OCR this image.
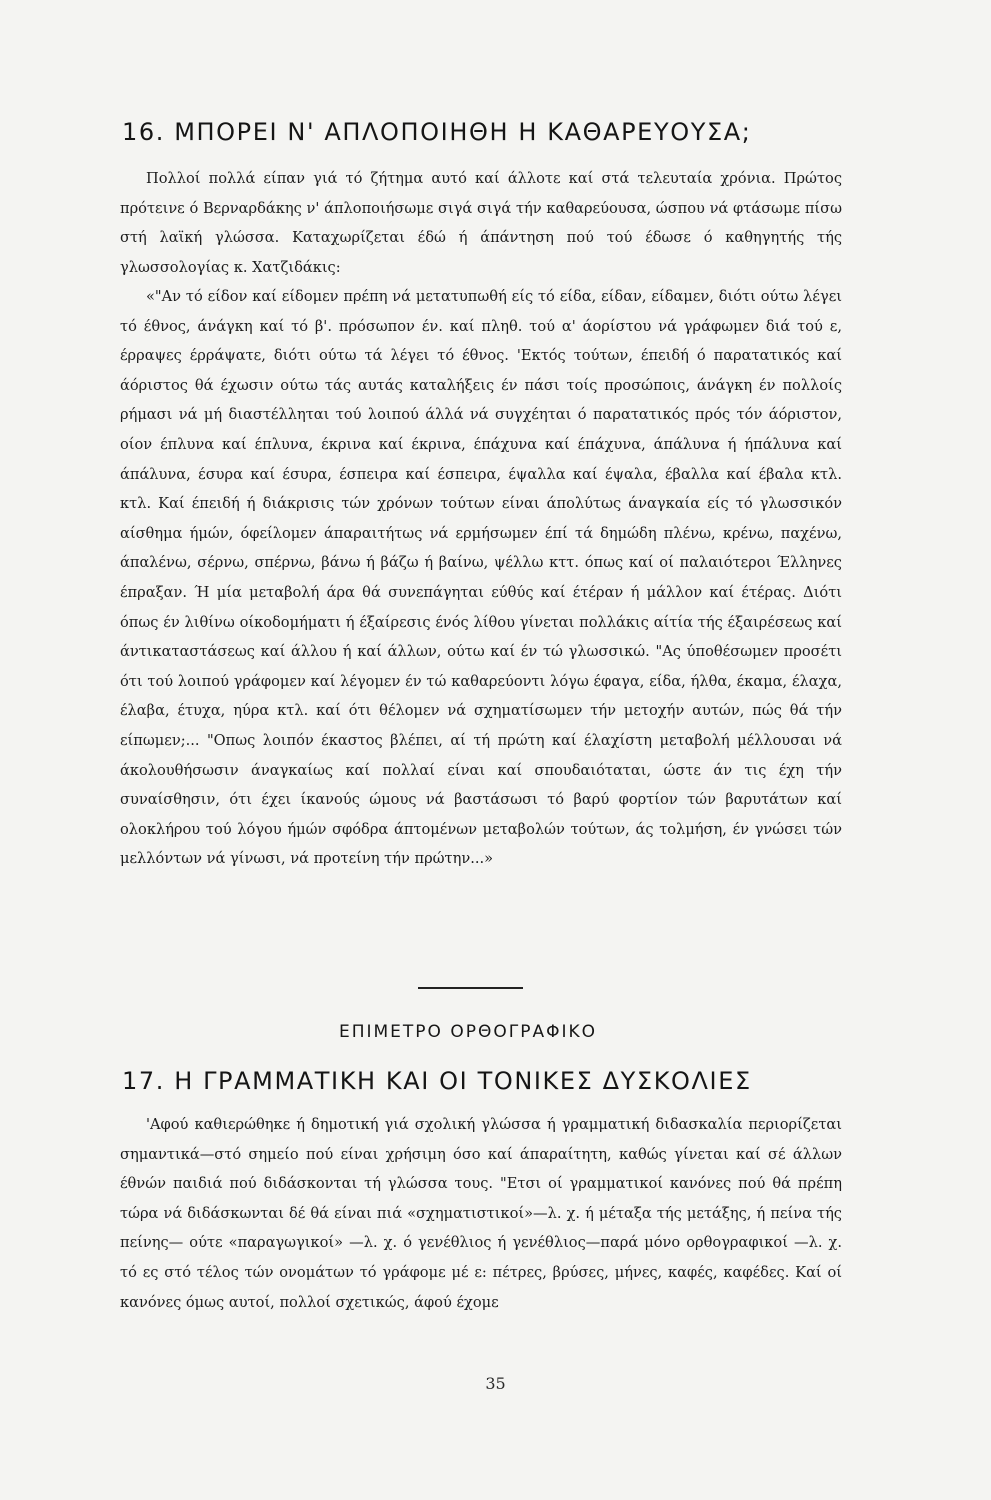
16. ΜΠΟΡΕΙ Ν' ΑΠΛΟΠΟΙΗΘΗ Η ΚΑΘΑΡΕΥΟΥΣΑ;

Πολλοί πολλά είπαν γιά τό ζήτημα αυτό καί άλλοτε καί στά τελευταία χρόνια. Πρώτος πρότεινε ό Βερναρδάκης ν' άπλοποιήσωμε σιγά σιγά τήν καθαρεύουσα, ώσπου νά φτάσωμε πίσω στή λαϊκή γλώσσα. Καταχωρίζεται έδώ ή άπάντηση πού τού έδωσε ό καθηγητής τής γλωσσολογίας κ. Χατζιδάκις:

«"Αν τό είδον καί είδομεν πρέπη νά μετατυπωθή είς τό είδα, είδαν, είδαμεν, διότι ούτω λέγει τό έθνος, άνάγκη καί τό β'. πρόσωπον έν. καί πληθ. τού α' άορίστου νά γράφωμεν διά τού ε, έρραψες έρράψατε, διότι ούτω τά λέγει τό έθνος. 'Εκτός τούτων, έπειδή ό παρατατικός καί άόριστος θά έχωσιν ούτω τάς αυτάς καταλήξεις έν πάσι τοίς προσώποις, άνάγκη έν πολλοίς ρήμασι νά μή διαστέλληται τού λοιπού άλλά νά συγχέηται ό παρατατικός πρός τόν άόριστον, οίον έπλυνα καί έπλυνα, έκρινα καί έκρινα, έπάχυνα καί έπάχυνα, άπάλυνα ή ήπάλυνα καί άπάλυνα, έσυρα καί έσυρα, έσπειρα καί έσπειρα, έψαλλα καί έψαλα, έβαλλα καί έβαλα κτλ. κτλ. Καί έπειδή ή διάκρισις τών χρόνων τούτων είναι άπολύτως άναγκαία είς τό γλωσσικόν αίσθημα ήμών, όφείλομεν άπαραιτήτως νά ερμήσωμεν έπί τά δημώδη πλένω, κρένω, παχένω, άπαλένω, σέρνω, σπέρνω, βάνω ή βάζω ή βαίνω, ψέλλω κττ. όπως καί οί παλαιότεροι Έλληνες έπραξαν. Ή μία μεταβολή άρα θά συνεπάγηται εύθύς καί έτέραν ή μάλλον καί έτέρας. Διότι όπως έν λιθίνω οίκοδομήματι ή έξαίρεσις ένός λίθου γίνεται πολλάκις αίτία τής έξαιρέσεως καί άντικαταστάσεως καί άλλου ή καί άλλων, ούτω καί έν τώ γλωσσικώ. "Ας ύποθέσωμεν προσέτι ότι τού λοιπού γράφομεν καί λέγομεν έν τώ καθαρεύοντι λόγω έφαγα, είδα, ήλθα, έκαμα, έλαχα, έλαβα, έτυχα, ηύρα κτλ. καί ότι θέλομεν νά σχηματίσωμεν τήν μετοχήν αυτών, πώς θά τήν είπωμεν;... "Οπως λοιπόν έκαστος βλέπει, αί τή πρώτη καί έλαχίστη μεταβολή μέλλουσαι νά άκολουθήσωσιν άναγκαίως καί πολλαί είναι καί σπουδαιόταται, ώστε άν τις έχη τήν συναίσθησιν, ότι έχει ίκανούς ώμους νά βαστάσωσι τό βαρύ φορτίον τών βαρυτάτων καί ολοκλήρου τού λόγου ήμών σφόδρα άπτομένων μεταβολών τούτων, άς τολμήση, έν γνώσει τών μελλόντων νά γίνωσι, νά προτείνη τήν πρώτην...»

ΕΠΙΜΕΤΡΟ ΟΡΘΟΓΡΑΦΙΚΟ
17. Η ΓΡΑΜΜΑΤΙΚΗ ΚΑΙ ΟΙ ΤΟΝΙΚΕΣ ΔΥΣΚΟΛΙΕΣ

'Αφού καθιερώθηκε ή δημοτική γιά σχολική γλώσσα ή γραμματική διδασκαλία περιορίζεται σημαντικά—στό σημείο πού είναι χρήσιμη όσο καί άπαραίτητη, καθώς γίνεται καί σέ άλλων έθνών παιδιά πού διδάσκονται τή γλώσσα τους. "Ετσι οί γραμματικοί κανόνες πού θά πρέπη τώρα νά διδάσκωνται δέ θά είναι πιά «σχηματιστικοί»—λ. χ. ή μέταξα τής μετάξης, ή πείνα τής πείνης— ούτε «παραγωγικοί» —λ. χ. ό γενέθλιος ή γενέθλιος—παρά μόνο ορθογραφικοί —λ. χ. τό ες στό τέλος τών ονομάτων τό γράφομε μέ ε: πέτρες, βρύσες, μήνες, καφές, καφέδες. Καί οί κανόνες όμως αυτοί, πολλοί σχετικώς, άφού έχομε

35
